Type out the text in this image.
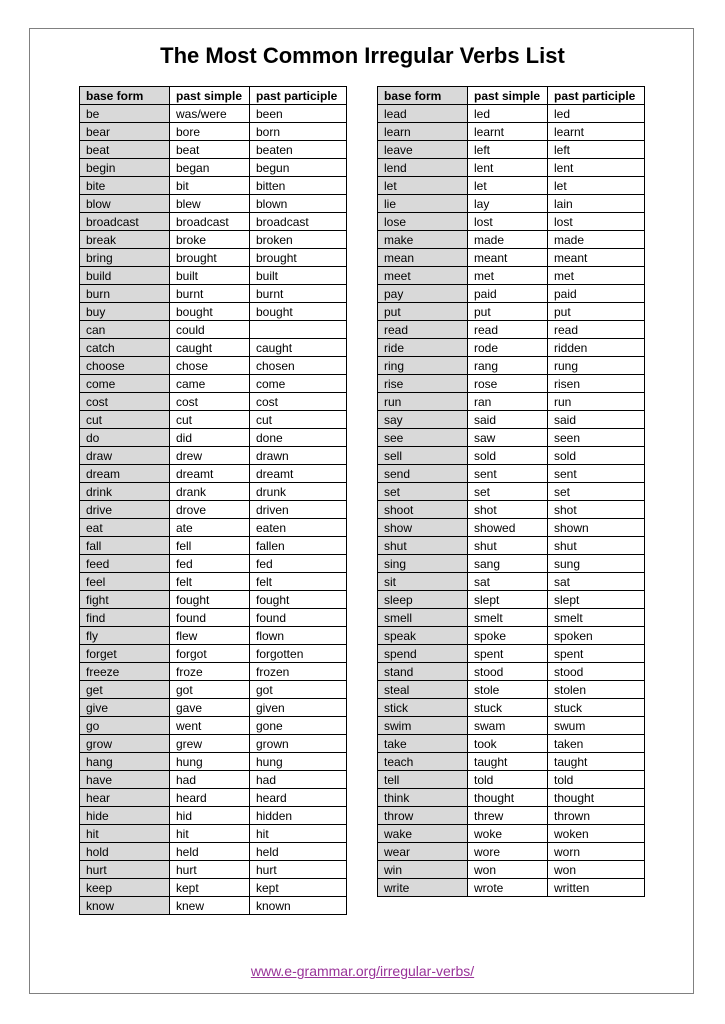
The Most Common Irregular Verbs List
base form	past simple	past participle
be	was/were	been
bear	bore	born
beat	beat	beaten
begin	began	begun
bite	bit	bitten
blow	blew	blown
broadcast	broadcast	broadcast
break	broke	broken
bring	brought	brought
build	built	built
burn	burnt	burnt
buy	bought	bought
can	could	
catch	caught	caught
choose	chose	chosen
come	came	come
cost	cost	cost
cut	cut	cut
do	did	done
draw	drew	drawn
dream	dreamt	dreamt
drink	drank	drunk
drive	drove	driven
eat	ate	eaten
fall	fell	fallen
feed	fed	fed
feel	felt	felt
fight	fought	fought
find	found	found
fly	flew	flown
forget	forgot	forgotten
freeze	froze	frozen
get	got	got
give	gave	given
go	went	gone
grow	grew	grown
hang	hung	hung
have	had	had
hear	heard	heard
hide	hid	hidden
hit	hit	hit
hold	held	held
hurt	hurt	hurt
keep	kept	kept
know	knew	known
base form	past simple	past participle
lead	led	led
learn	learnt	learnt
leave	left	left
lend	lent	lent
let	let	let
lie	lay	lain
lose	lost	lost
make	made	made
mean	meant	meant
meet	met	met
pay	paid	paid
put	put	put
read	read	read
ride	rode	ridden
ring	rang	rung
rise	rose	risen
run	ran	run
say	said	said
see	saw	seen
sell	sold	sold
send	sent	sent
set	set	set
shoot	shot	shot
show	showed	shown
shut	shut	shut
sing	sang	sung
sit	sat	sat
sleep	slept	slept
smell	smelt	smelt
speak	spoke	spoken
spend	spent	spent
stand	stood	stood
steal	stole	stolen
stick	stuck	stuck
swim	swam	swum
take	took	taken
teach	taught	taught
tell	told	told
think	thought	thought
throw	threw	thrown
wake	woke	woken
wear	wore	worn
win	won	won
write	wrote	written
www.e-grammar.org/irregular-verbs/
